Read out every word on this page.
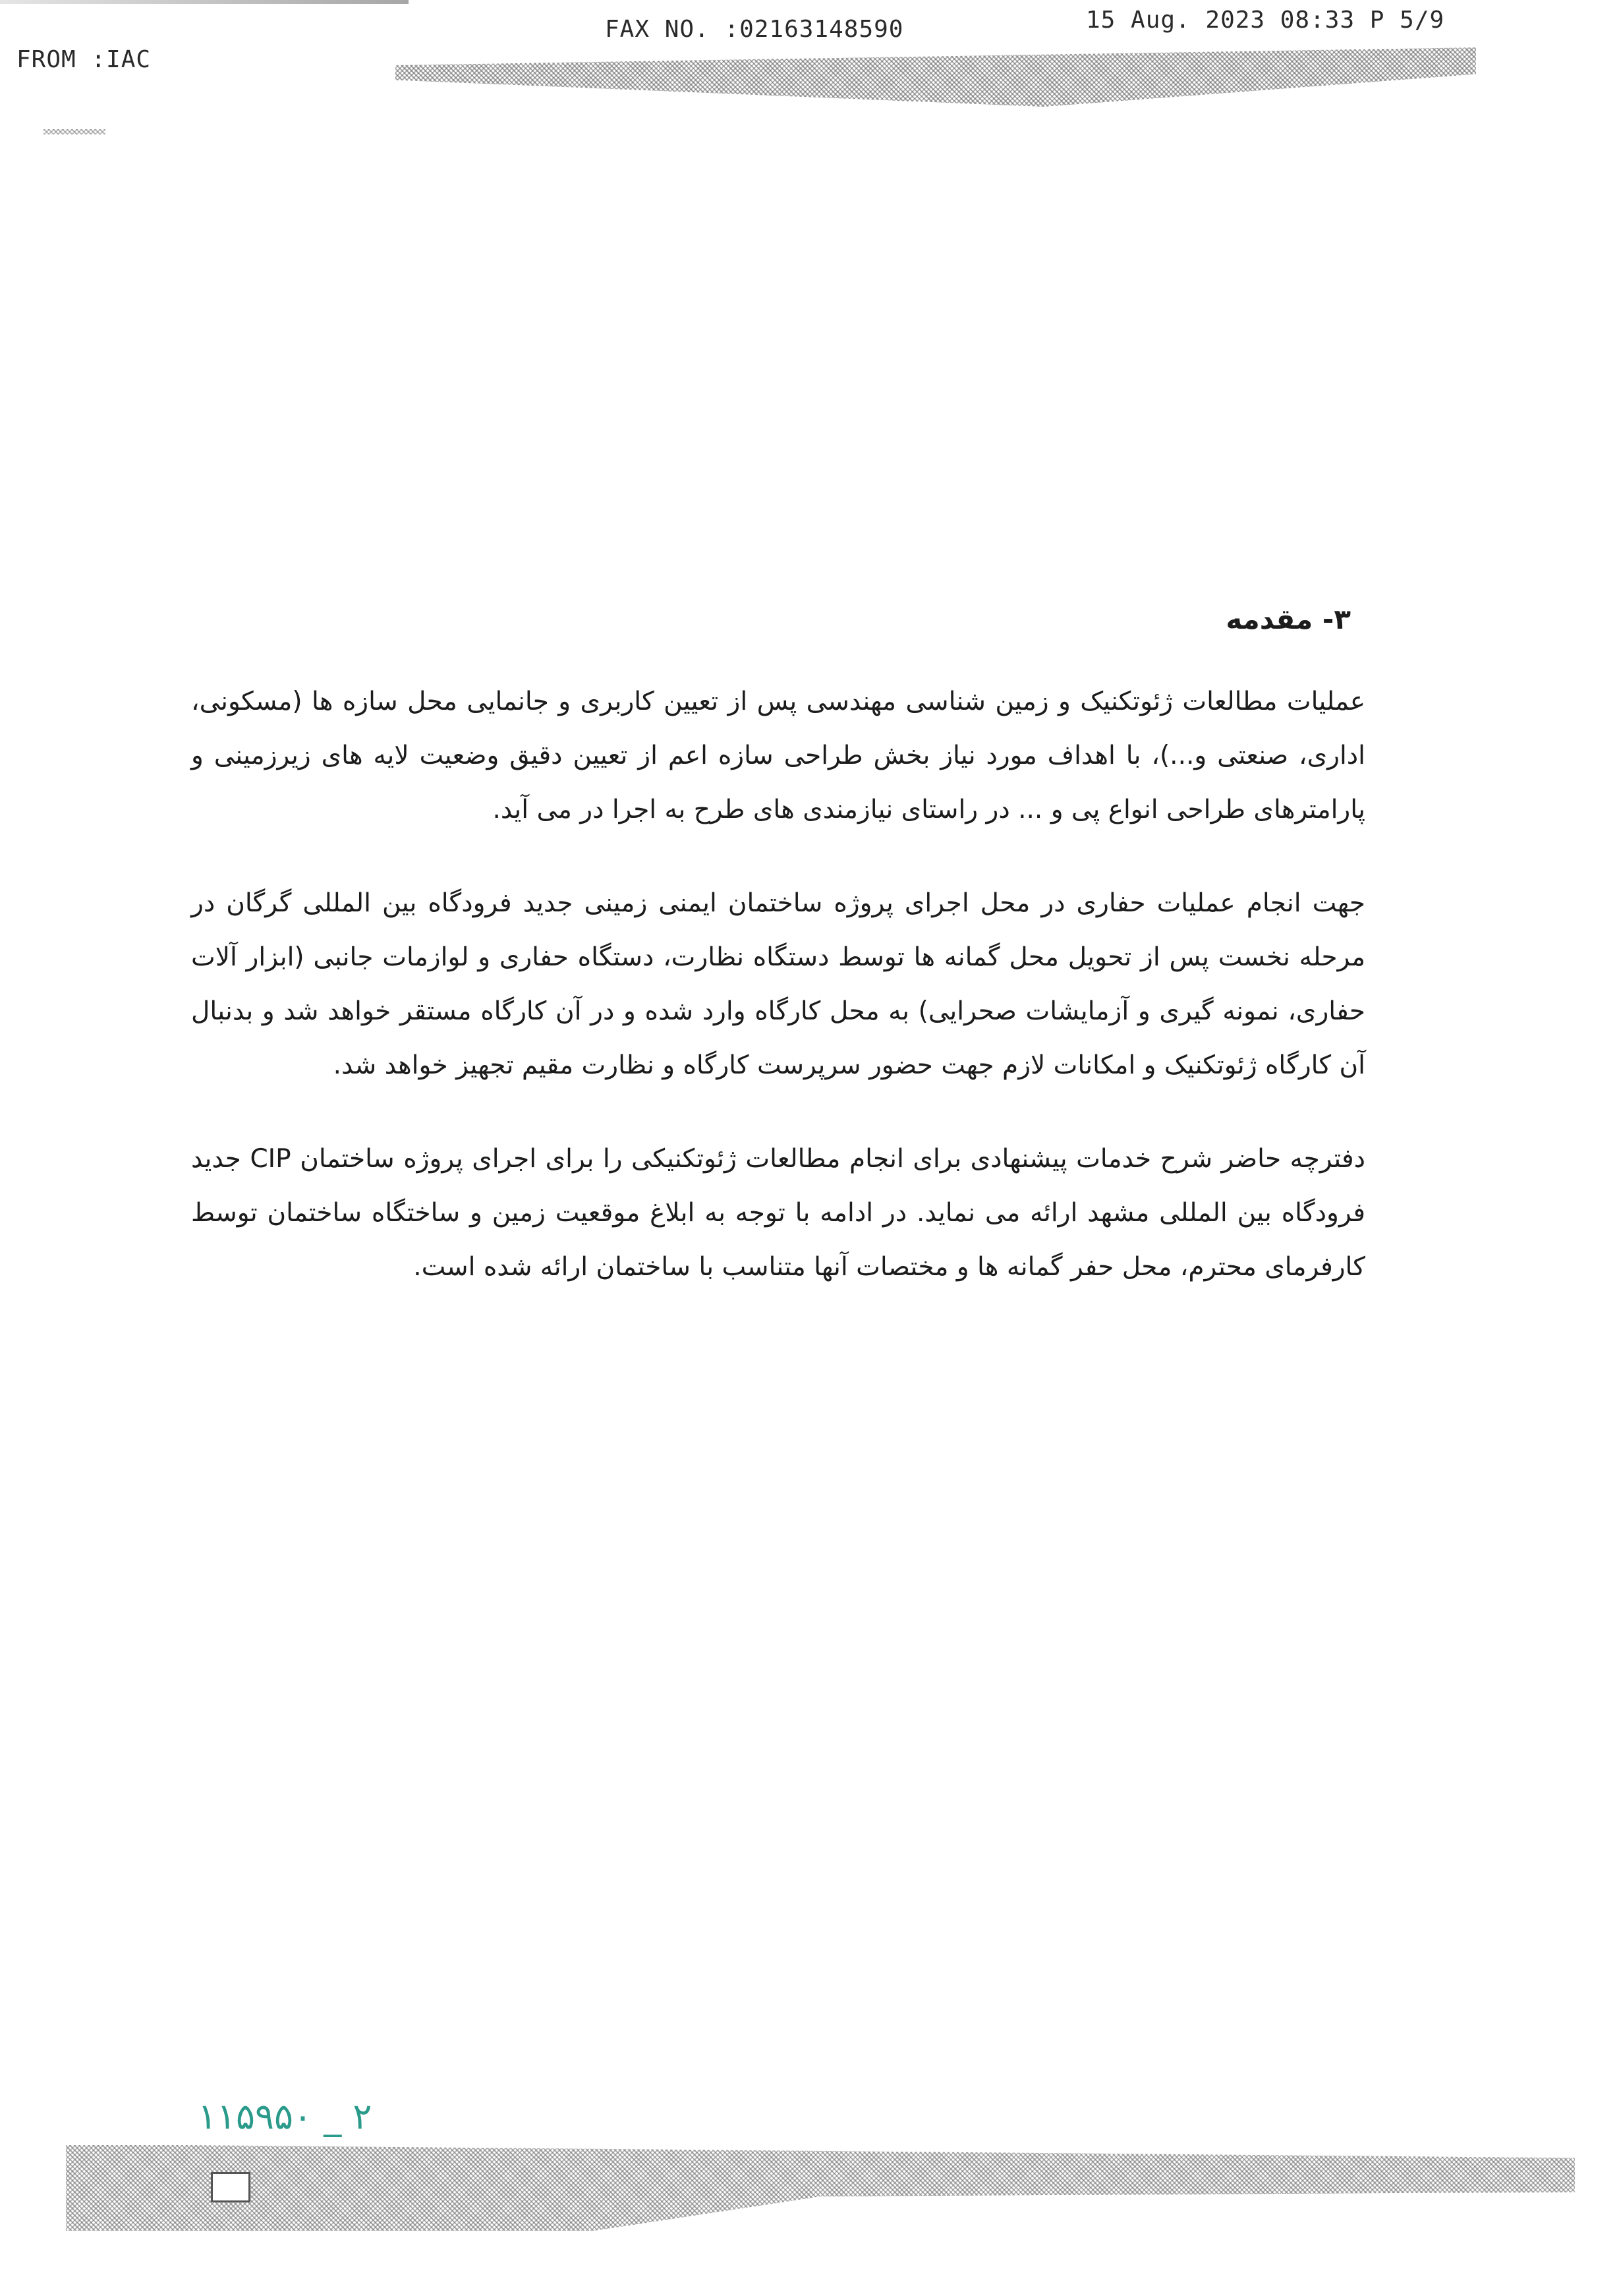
FROM :IAC
FAX NO. :02163148590	15 Aug. 2023 08:33 P 5/9
۳- مقدمه

عملیات مطالعات ژئوتکنیک و زمین شناسی مهندسی پس از تعیین کاربری و جانمایی محل سازه ها (مسکونی، اداری، صنعتی و...)، با اهداف مورد نیاز بخش طراحی سازه اعم از تعیین دقیق وضعیت لایه های زیرزمینی و پارامترهای طراحی انواع پی و ... در راستای نیازمندی های طرح به اجرا در می آید.

جهت انجام عملیات حفاری در محل اجرای پروژه ساختمان ایمنی زمینی جدید فرودگاه بین المللی گرگان در مرحله نخست پس از تحویل محل گمانه ها توسط دستگاه نظارت، دستگاه حفاری و لوازمات جانبی (ابزار آلات حفاری، نمونه گیری و آزمایشات صحرایی) به محل کارگاه وارد شده و در آن کارگاه مستقر خواهد شد و بدنبال آن کارگاه ژئوتکنیک و امکانات لازم جهت حضور سرپرست کارگاه و نظارت مقیم تجهیز خواهد شد.

دفترچه حاضر شرح خدمات پیشنهادی برای انجام مطالعات ژئوتکنیکی را برای اجرای پروژه ساختمان CIP جدید فرودگاه بین المللی مشهد ارائه می نماید. در ادامه با توجه به ابلاغ موقعیت زمین و ساختگاه ساختمان توسط کارفرمای محترم، محل حفر گمانه ها و مختصات آنها متناسب با ساختمان ارائه شده است.

۱۱۵۹۵۰ _ ۲
